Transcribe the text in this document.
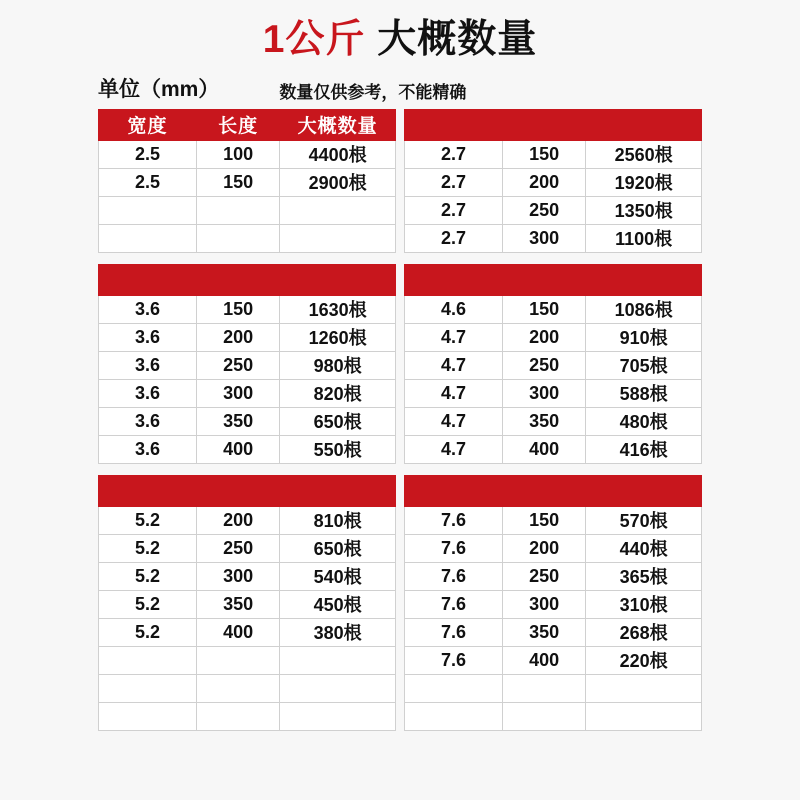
1公斤 大概数量
单位（mm）	数量仅供参考，不能精确
宽度	长度	大概数量
2.5	100	4400根
2.5	150	2900根

3.6	150	1630根
3.6	200	1260根
3.6	250	980根
3.6	300	820根
3.6	350	650根
3.6	400	550根

5.2	200	810根
5.2	250	650根
5.2	300	540根
5.2	350	450根
5.2	400	380根

2.7	150	2560根
2.7	200	1920根
2.7	250	1350根
2.7	300	1100根

4.6	150	1086根
4.7	200	910根
4.7	250	705根
4.7	300	588根
4.7	350	480根
4.7	400	416根

7.6	150	570根
7.6	200	440根
7.6	250	365根
7.6	300	310根
7.6	350	268根
7.6	400	220根
